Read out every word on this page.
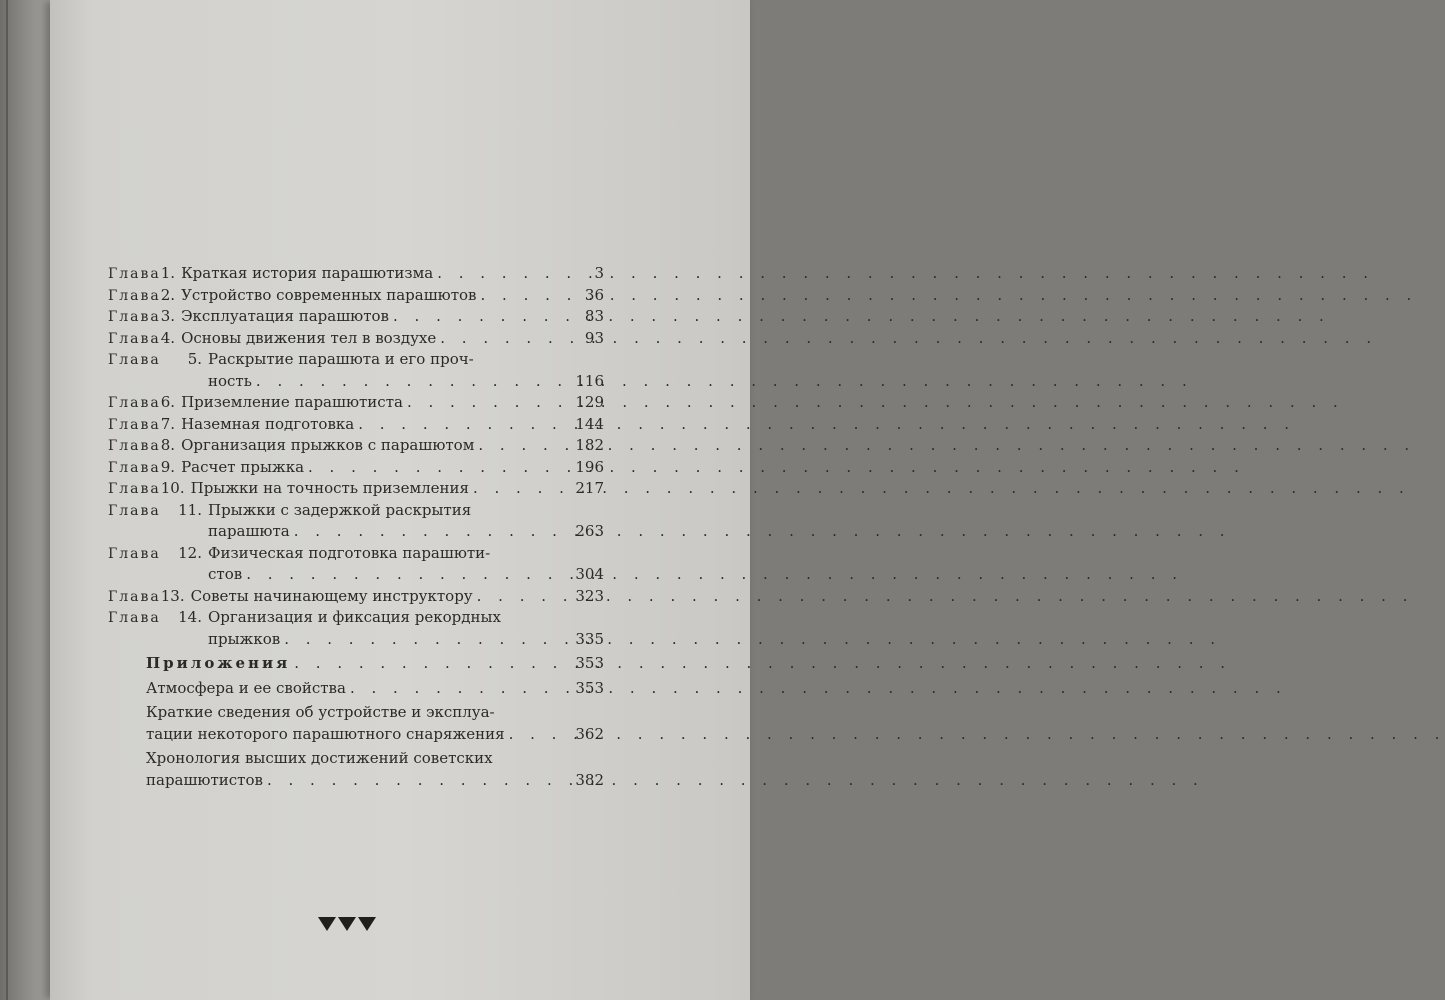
Глава 1. Краткая история парашютизма . . .	3
Глава 2. Устройство современных парашютов . . .	36
Глава 3. Эксплуатация парашютов . . .	83
Глава 4. Основы движения тел в воздухе . . .	93
Глава	5. Раскрытие парашюта и его проч-
ность . . .	116
Глава 6. Приземление парашютиста . . .	129
Глава 7. Наземная подготовка . . .	144
Глава 8. Организация прыжков с парашютом . . .	182
Глава 9. Расчет прыжка . . .	196
Глава 10. Прыжки на точность приземления . . .	217
Глава	11. Прыжки с задержкой раскрытия
парашюта . . .	263
Глава	12. Физическая подготовка парашюти-
стов . . .	304
Глава 13. Советы начинающему инструктору . . .	323
Глава	14. Организация и фиксация рекордных
прыжков . . .	335
Приложения . . .	353
Атмосфера и ее свойства . . .	353
Краткие сведения об устройстве и эксплуа-
тации некоторого парашютного снаряжения . . .	362
Хронология высших достижений советских
парашютистов . . .	382
